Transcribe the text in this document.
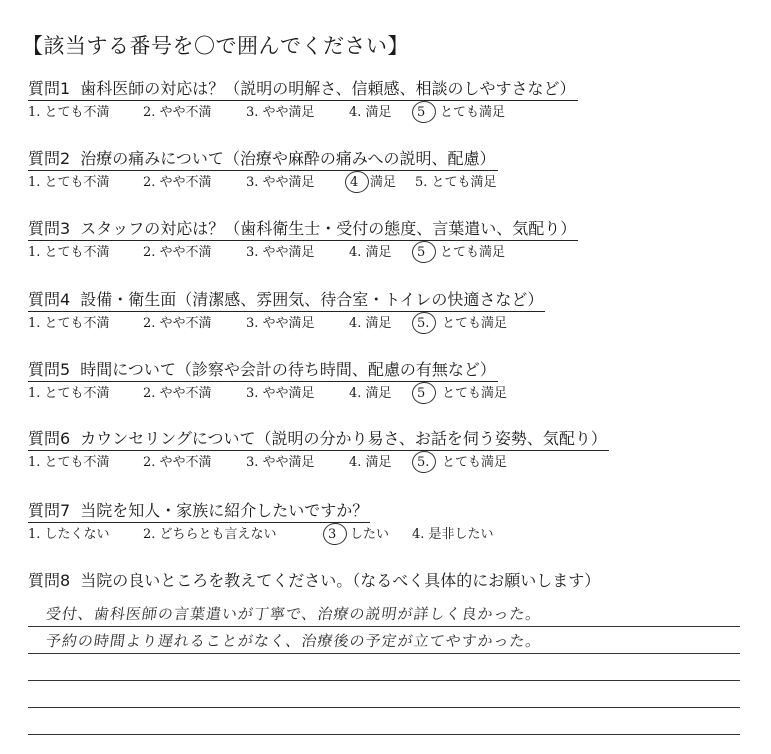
【該当する番号を〇で囲んでください】
質問1 歯科医師の対応は？（説明の明解さ、信頼感、相談のしやすさなど）
1. とても不満	2. やや不満	3. やや満足	4. 満足 5 とても満足
質問2 治療の痛みについて（治療や麻酔の痛みへの説明、配慮）
1. とても不満	2. やや不満	3. やや満足	4 満足 5. とても満足
質問3 スタッフの対応は？（歯科衛生士・受付の態度、言葉遣い、気配り）
1. とても不満	2. やや不満	3. やや満足	4. 満足 5 とても満足
質問4 設備・衛生面（清潔感、雰囲気、待合室・トイレの快適さなど）
1. とても不満	2. やや不満	3. やや満足	4. 満足 5. とても満足
質問5 時間について（診察や会計の待ち時間、配慮の有無など）
1. とても不満	2. やや不満	3. やや満足	4. 満足 5 とても満足
質問6 カウンセリングについて（説明の分かり易さ、お話を伺う姿勢、気配り）
1. とても不満	2. やや不満	3. やや満足	4. 満足 5. とても満足
質問7 当院を知人・家族に紹介したいですか？
1. したくない	2. どちらとも言えない	3 したい 4. 是非したい
質問8 当院の良いところを教えてください。（なるべく具体的にお願いします）
受付、歯科医師の言葉遣いが丁寧で、治療の説明が詳しく良かった。
予約の時間より遅れることがなく、治療後の予定が立てやすかった。
